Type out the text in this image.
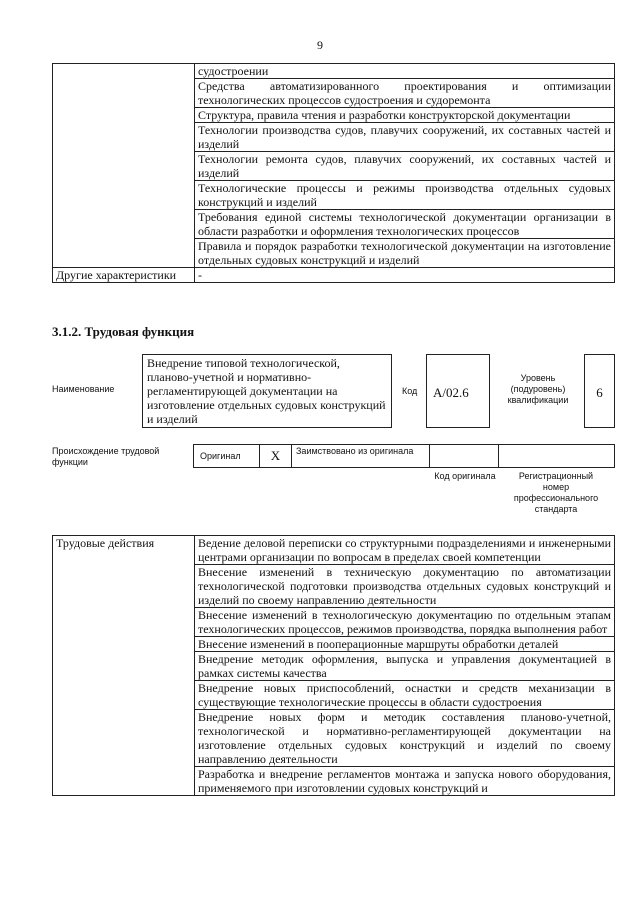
9
	судостроении
	Средства автоматизированного проектирования и оптимизации технологических процессов судостроения и судоремонта
	Структура, правила чтения и разработки конструкторской документации
	Технологии производства судов, плавучих сооружений, их составных частей и изделий
	Технологии ремонта судов, плавучих сооружений, их составных частей и изделий
	Технологические процессы и режимы производства отдельных судовых конструкций и изделий
	Требования единой системы технологической документации организации в области разработки и оформления технологических процессов
	Правила и порядок разработки технологической документации на изготовление отдельных судовых конструкций и изделий
Другие характеристики	-
3.1.2. Трудовая функция
Наименование
Внедрение типовой технологической, планово-учетной и нормативно-регламентирующей документации на изготовление отдельных судовых конструкций и изделий
Код	А/02.6
Уровень (подуровень) квалификации	6
Происхождение трудовой функции
Оригинал	X	Заимствовано из оригинала
Код оригинала	Регистрационный номер профессионального стандарта
Трудовые действия	Ведение деловой переписки со структурными подразделениями и инженерными центрами организации по вопросам в пределах своей компетенции
Внесение изменений в техническую документацию по автоматизации технологической подготовки производства отдельных судовых конструкций и изделий по своему направлению деятельности
Внесение изменений в технологическую документацию по отдельным этапам технологических процессов, режимов производства, порядка выполнения работ
Внесение изменений в пооперационные маршруты обработки деталей
Внедрение методик оформления, выпуска и управления документацией в рамках системы качества
Внедрение новых приспособлений, оснастки и средств механизации в существующие технологические процессы в области судостроения
Внедрение новых форм и методик составления планово-учетной, технологической и нормативно-регламентирующей документации на изготовление отдельных судовых конструкций и изделий по своему направлению деятельности
Разработка и внедрение регламентов монтажа и запуска нового оборудования, применяемого при изготовлении судовых конструкций и
